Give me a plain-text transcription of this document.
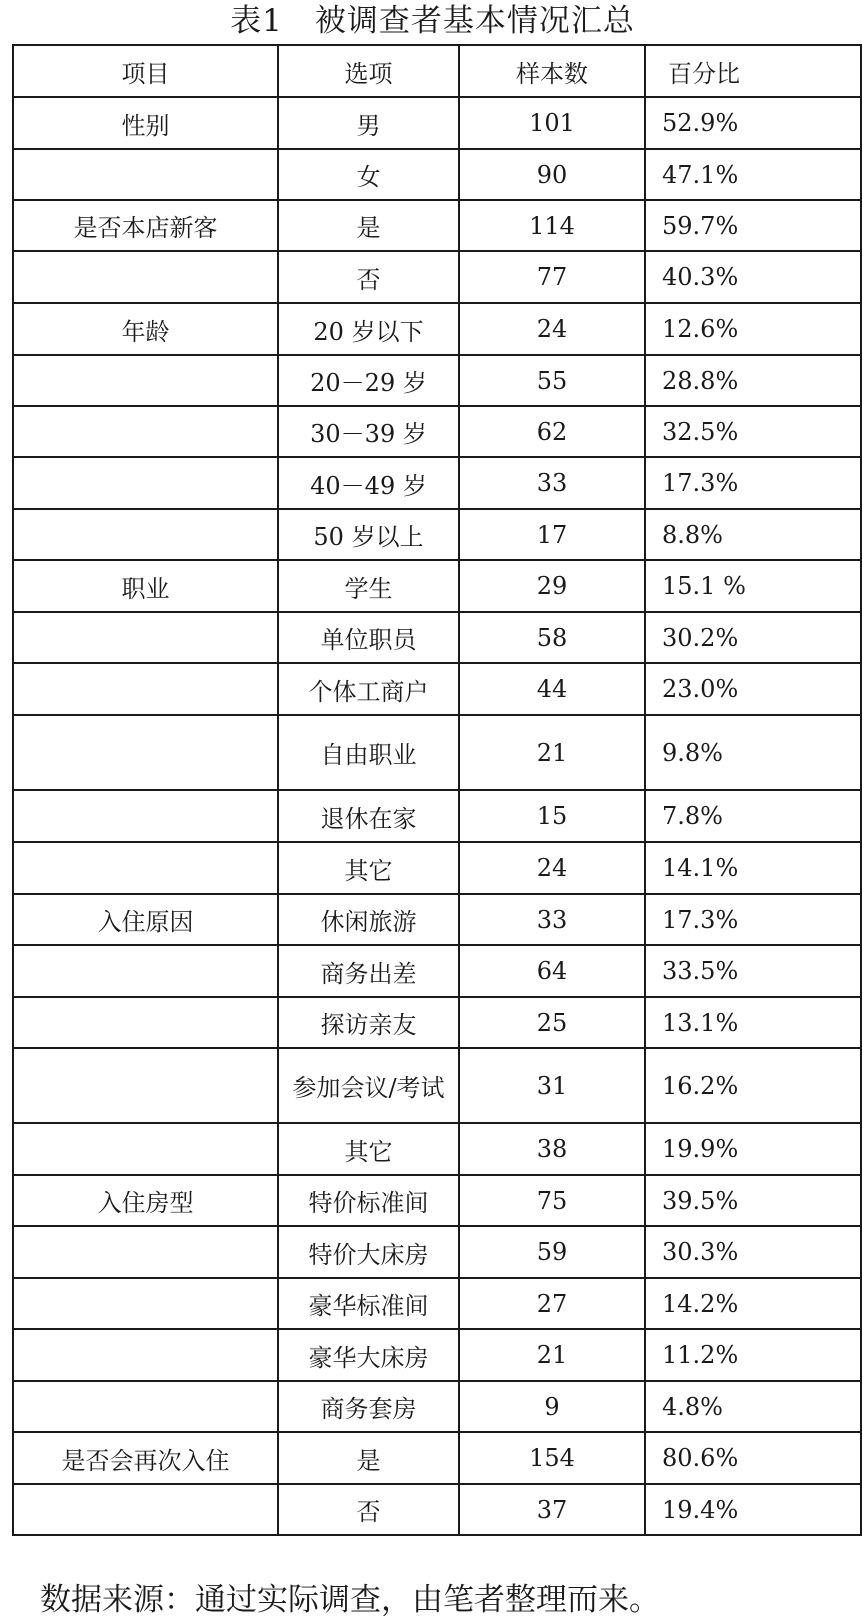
表1　被调查者基本情况汇总
项目	选项	样本数	百分比
性别	男	101	52.9%
	女	90	47.1%
是否本店新客	是	114	59.7%
	否	77	40.3%
年龄	20 岁以下	24	12.6%
	20－29 岁	55	28.8%
	30－39 岁	62	32.5%
	40－49 岁	33	17.3%
	50 岁以上	17	8.8%
职业	学生	29	15.1 %
	单位职员	58	30.2%
	个体工商户	44	23.0%
	自由职业	21	9.8%
	退休在家	15	7.8%
	其它	24	14.1%
入住原因	休闲旅游	33	17.3%
	商务出差	64	33.5%
	探访亲友	25	13.1%
	参加会议/考试	31	16.2%
	其它	38	19.9%
入住房型	特价标准间	75	39.5%
	特价大床房	59	30.3%
	豪华标准间	27	14.2%
	豪华大床房	21	11.2%
	商务套房	9	4.8%
是否会再次入住	是	154	80.6%
	否	37	19.4%
数据来源：通过实际调查，由笔者整理而来。
